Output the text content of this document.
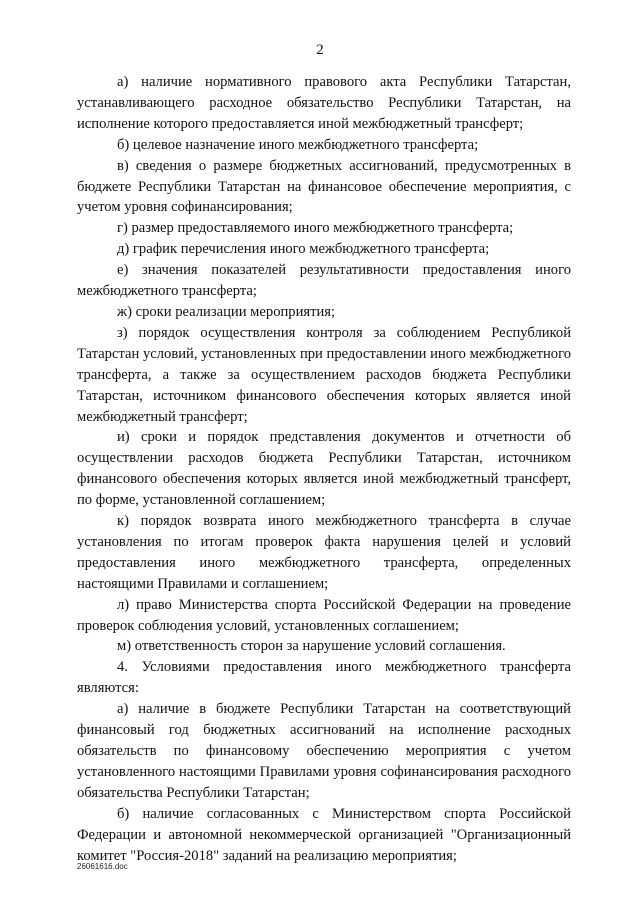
2

а) наличие нормативного правового акта Республики Татарстан, устанавливающего расходное обязательство Республики Татарстан, на исполнение которого предоставляется иной межбюджетный трансферт;

б) целевое назначение иного межбюджетного трансферта;

в) сведения о размере бюджетных ассигнований, предусмотренных в бюджете Республики Татарстан на финансовое обеспечение мероприятия, с учетом уровня софинансирования;

г) размер предоставляемого иного межбюджетного трансферта;

д) график перечисления иного межбюджетного трансферта;

е) значения показателей результативности предоставления иного межбюджетного трансферта;

ж) сроки реализации мероприятия;

з) порядок осуществления контроля за соблюдением Республикой Татарстан условий, установленных при предоставлении иного межбюджетного трансферта, а также за осуществлением расходов бюджета Республики Татарстан, источником финансового обеспечения которых является иной межбюджетный трансферт;

и) сроки и порядок представления документов и отчетности об осуществлении расходов бюджета Республики Татарстан, источником финансового обеспечения которых является иной межбюджетный трансферт, по форме, установленной соглашением;

к) порядок возврата иного межбюджетного трансферта в случае установления по итогам проверок факта нарушения целей и условий предоставления иного межбюджетного трансферта, определенных настоящими Правилами и соглашением;

л) право Министерства спорта Российской Федерации на проведение проверок соблюдения условий, установленных соглашением;

м) ответственность сторон за нарушение условий соглашения.

4. Условиями предоставления иного межбюджетного трансферта являются:

а) наличие в бюджете Республики Татарстан на соответствующий финансовый год бюджетных ассигнований на исполнение расходных обязательств по финансовому обеспечению мероприятия с учетом установленного настоящими Правилами уровня софинансирования расходного обязательства Республики Татарстан;

б) наличие согласованных с Министерством спорта Российской Федерации и автономной некоммерческой организацией "Организационный комитет "Россия-2018" заданий на реализацию мероприятия;

26061616.doc
